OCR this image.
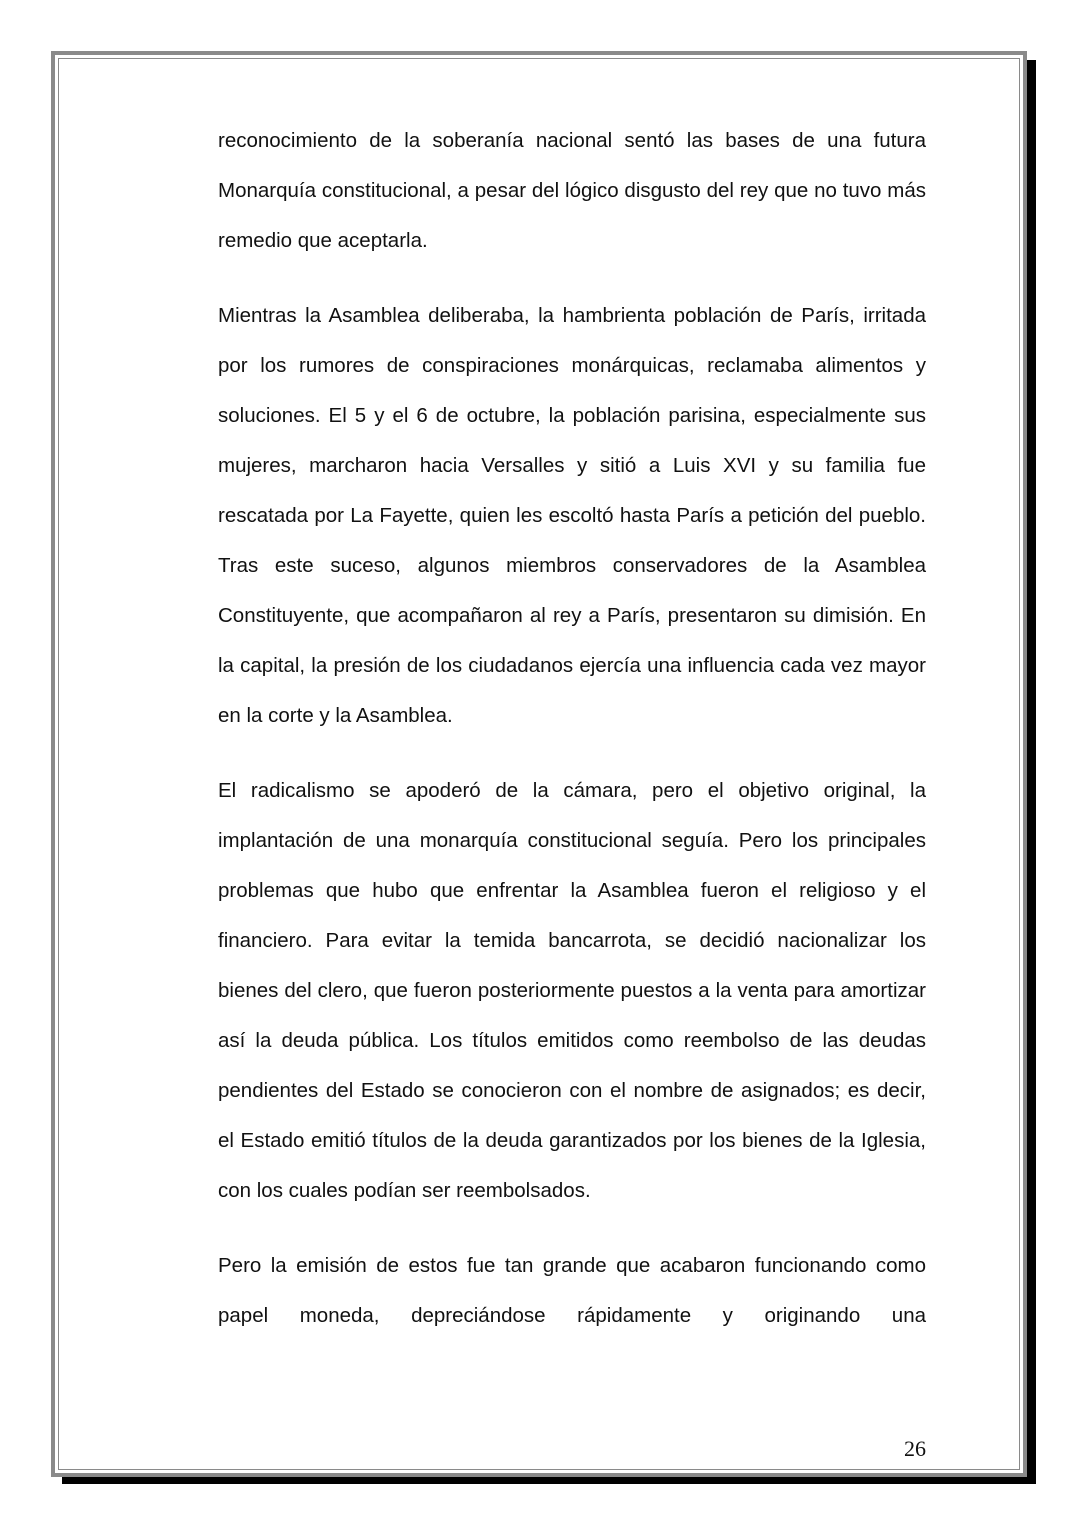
reconocimiento de la soberanía nacional sentó las bases de una futura Monarquía constitucional, a pesar del lógico disgusto del rey que no tuvo más remedio que aceptarla.

Mientras la Asamblea deliberaba, la hambrienta población de París, irritada por los rumores de conspiraciones monárquicas, reclamaba alimentos y soluciones. El 5 y el 6 de octubre, la población parisina, especialmente sus mujeres, marcharon hacia Versalles y sitió a Luis XVI y su familia fue rescatada por La Fayette, quien les escoltó hasta París a petición del pueblo. Tras este suceso, algunos miembros conservadores de la Asamblea Constituyente, que acompañaron al rey a París, presentaron su dimisión. En la capital, la presión de los ciudadanos ejercía una influencia cada vez mayor en la corte y la Asamblea.

El radicalismo se apoderó de la cámara, pero el objetivo original, la implantación de una monarquía constitucional seguía. Pero los principales problemas que hubo que enfrentar la Asamblea fueron el religioso y el financiero. Para evitar la temida bancarrota, se decidió nacionalizar los bienes del clero, que fueron posteriormente puestos a la venta para amortizar así la deuda pública. Los títulos emitidos como reembolso de las deudas pendientes del Estado se conocieron con el nombre de asignados; es decir, el Estado emitió títulos de la deuda garantizados por los bienes de la Iglesia, con los cuales podían ser reembolsados.

Pero la emisión de estos fue tan grande que acabaron funcionando como papel moneda, depreciándose rápidamente y originando una

26
